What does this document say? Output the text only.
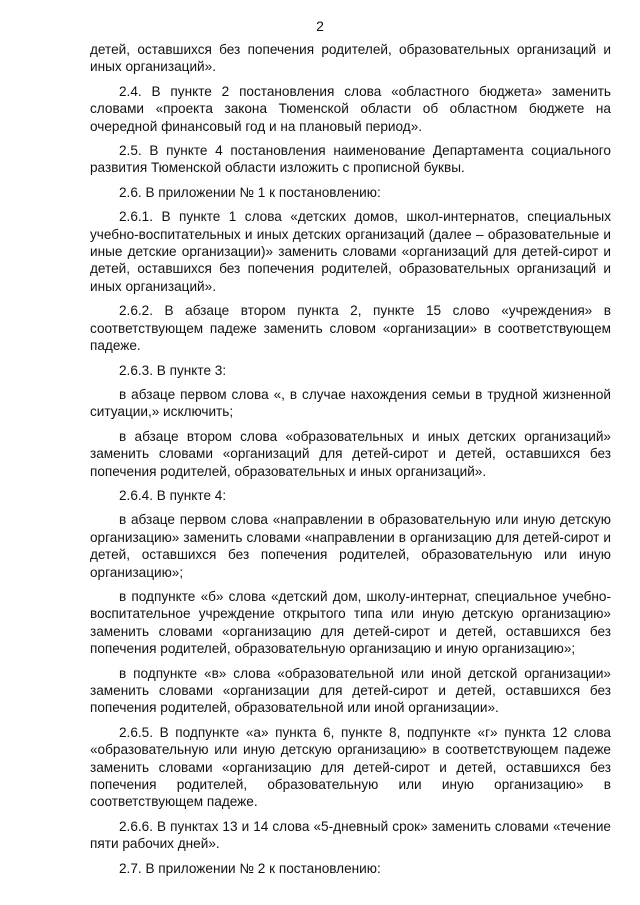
2

детей, оставшихся без попечения родителей, образовательных организаций и иных организаций».

2.4. В пункте 2 постановления слова «областного бюджета» заменить словами «проекта закона Тюменской области об областном бюджете на очередной финансовый год и на плановый период».

2.5. В пункте 4 постановления наименование Департамента социального развития Тюменской области изложить с прописной буквы.

2.6. В приложении № 1 к постановлению:

2.6.1. В пункте 1 слова «детских домов, школ-интернатов, специальных учебно-воспитательных и иных детских организаций (далее – образовательные и иные детские организации)» заменить словами «организаций для детей-сирот и детей, оставшихся без попечения родителей, образовательных организаций и иных организаций».

2.6.2. В абзаце втором пункта 2, пункте 15 слово «учреждения» в соответствующем падеже заменить словом «организации» в соответствующем падеже.

2.6.3. В пункте 3:

в абзаце первом слова «, в случае нахождения семьи в трудной жизненной ситуации,» исключить;

в абзаце втором слова «образовательных и иных детских организаций» заменить словами «организаций для детей-сирот и детей, оставшихся без попечения родителей, образовательных и иных организаций».

2.6.4. В пункте 4:

в абзаце первом слова «направлении в образовательную или иную детскую организацию» заменить словами «направлении в организацию для детей-сирот и детей, оставшихся без попечения родителей, образовательную или иную организацию»;

в подпункте «б» слова «детский дом, школу-интернат, специальное учебно-воспитательное учреждение открытого типа или иную детскую организацию» заменить словами «организацию для детей-сирот и детей, оставшихся без попечения родителей, образовательную организацию и иную организацию»;

в подпункте «в» слова «образовательной или иной детской организации» заменить словами «организации для детей-сирот и детей, оставшихся без попечения родителей, образовательной или иной организации».

2.6.5. В подпункте «а» пункта 6, пункте 8, подпункте «г» пункта 12 слова «образовательную или иную детскую организацию» в соответствующем падеже заменить словами «организацию для детей-сирот и детей, оставшихся без попечения родителей, образовательную или иную организацию» в соответствующем падеже.

2.6.6. В пунктах 13 и 14 слова «5-дневный срок» заменить словами «течение пяти рабочих дней».

2.7. В приложении № 2 к постановлению:
